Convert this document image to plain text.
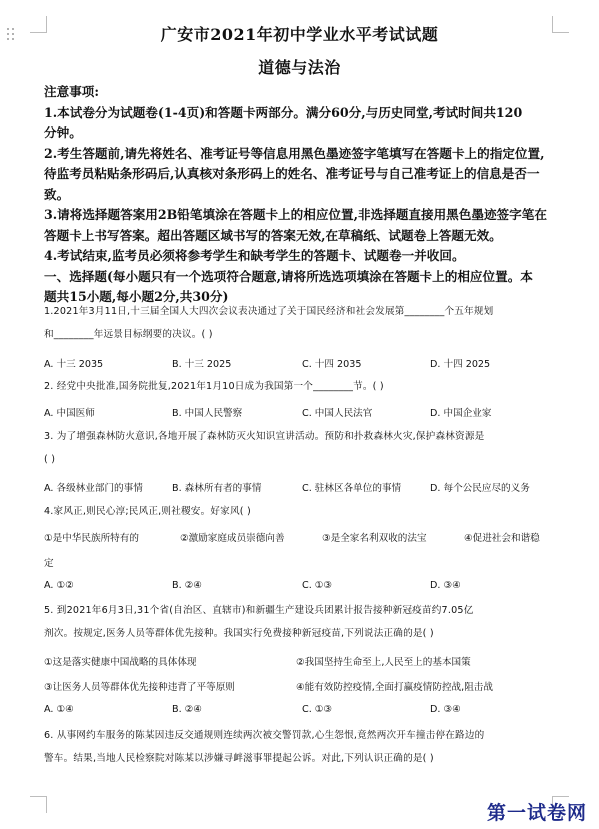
广安市2021年初中学业水平考试试题
道德与法治

注意事项:

1.本试卷分为试题卷(1-4页)和答题卡两部分。满分60分,与历史同堂,考试时间共120

分钟。

2.考生答题前,请先将姓名、准考证号等信息用黑色墨迹签字笔填写在答题卡上的指定位置,

待监考员粘贴条形码后,认真核对条形码上的姓名、准考证号与自己准考证上的信息是否一

致。

3.请将选择题答案用2B铅笔填涂在答题卡上的相应位置,非选择题直接用黑色墨迹签字笔在

答题卡上书写答案。超出答题区域书写的答案无效,在草稿纸、试题卷上答题无效。

4.考试结束,监考员必须将参考学生和缺考学生的答题卡、试题卷一并收回。

一、选择题(每小题只有一个选项符合题意,请将所选选项填涂在答题卡上的相应位置。本

题共15小题,每小题2分,共30分)

1.2021年3月11日,十三届全国人大四次会议表决通过了关于国民经济和社会发展第________个五年规划

和________年远景目标纲要的决议。( )

A. 十三 2035	B. 十三 2025	C. 十四 2035	D. 十四 2025

2. 经党中央批准,国务院批复,2021年1月10日成为我国第一个________节。( )

A. 中国医师	B. 中国人民警察	C. 中国人民法官	D. 中国企业家

3. 为了增强森林防火意识,各地开展了森林防灭火知识宣讲活动。预防和扑救森林火灾,保护森林资源是

( )

A. 各级林业部门的事情	B. 森林所有者的事情	C. 驻林区各单位的事情	D. 每个公民应尽的义务

4.家风正,则民心淳;民风正,则社稷安。好家风( )

①是中华民族所特有的	②激励家庭成员崇德向善	③是全家名利双收的法宝	④促进社会和谐稳
定
A. ①②	B. ②④	C. ①③	D. ③④

5. 到2021年6月3日,31个省(自治区、直辖市)和新疆生产建设兵团累计报告接种新冠疫苗约7.05亿

剂次。按规定,医务人员等群体优先接种。我国实行免费接种新冠疫苗,下列说法正确的是( )

①这是落实健康中国战略的具体体现	②我国坚持生命至上,人民至上的基本国策
③让医务人员等群体优先接种违背了平等原则	④能有效防控疫情,全面打赢疫情防控战,阻击战
A. ①④	B. ②④	C. ①③	D. ③④

6. 从事网约车服务的陈某因违反交通规则连续两次被交警罚款,心生怨恨,竟然两次开车撞击停在路边的

警车。结果,当地人民检察院对陈某以涉嫌寻衅滋事罪提起公诉。对此,下列认识正确的是( )

第一试卷网
